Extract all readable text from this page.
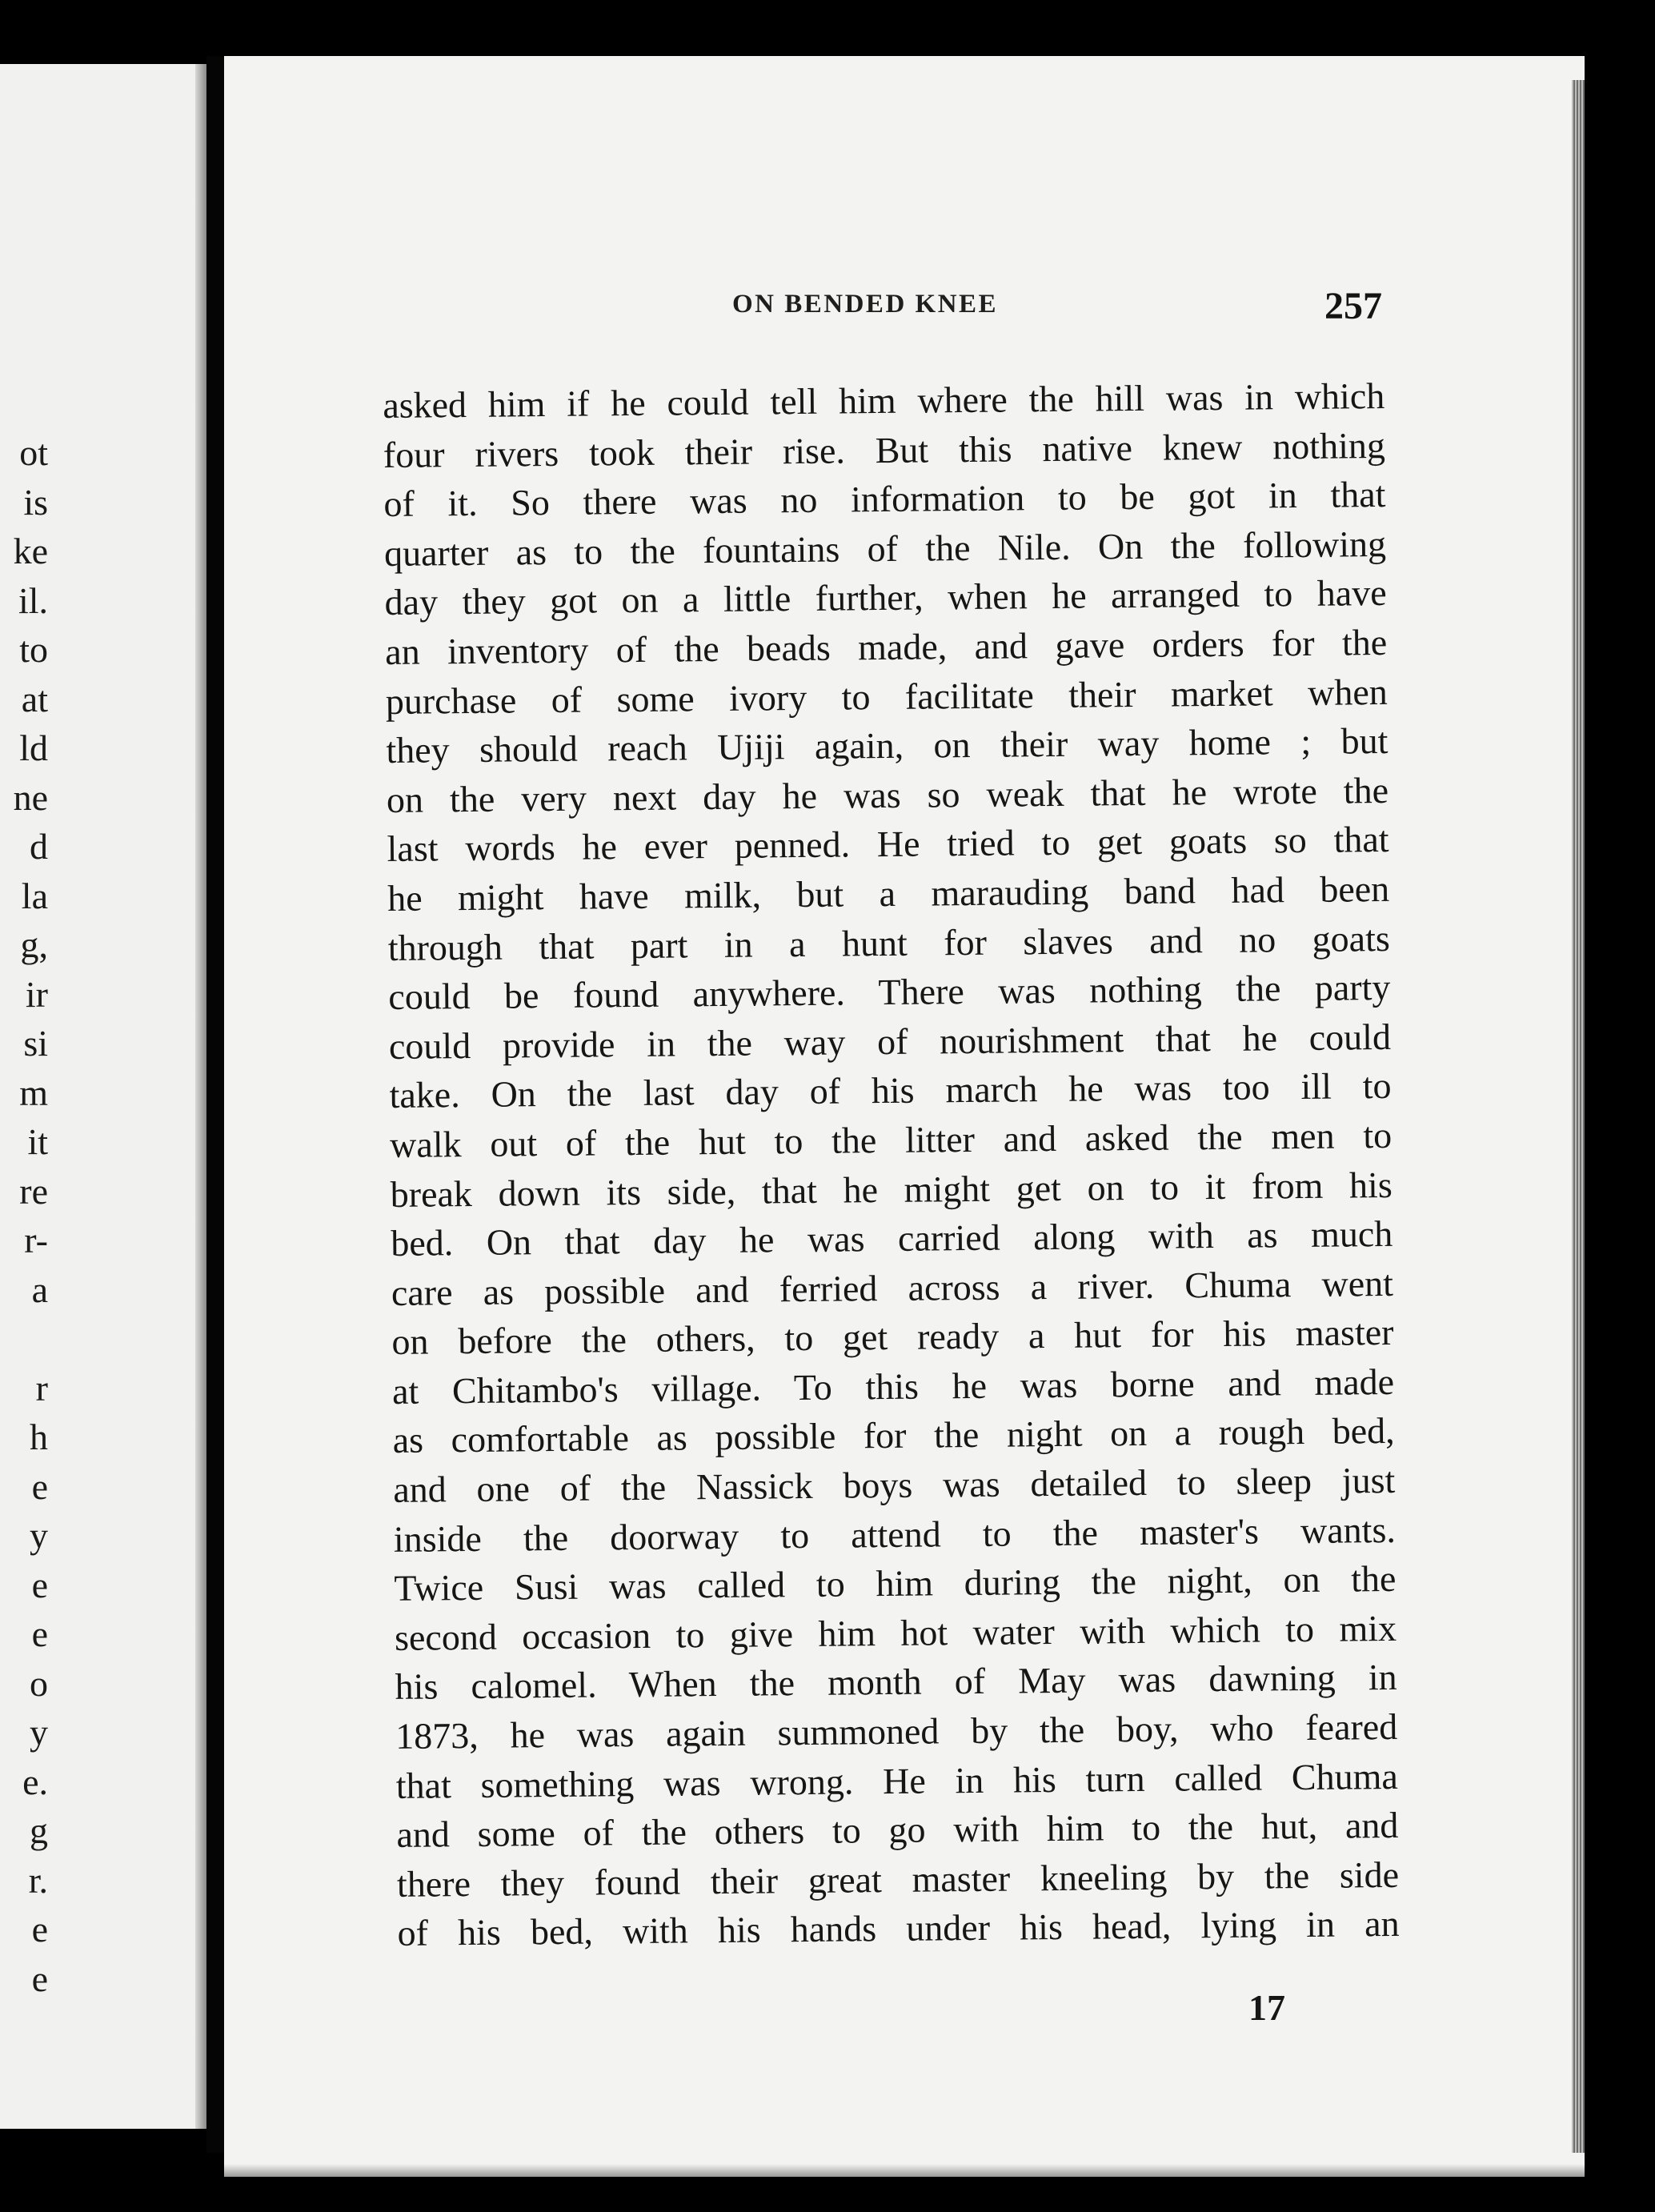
ot
is
ke
il.
to
at
ld
ne
d
la
g,
ir
si
m
it
re
r-
a
r
h
e
y
e
e
o
y
e.
g
r.
e
e
ON BENDED KNEE	257
asked him if he could tell him where the hill was in which
four rivers took their rise. But this native knew nothing
of it. So there was no information to be got in that
quarter as to the fountains of the Nile. On the following
day they got on a little further, when he arranged to have
an inventory of the beads made, and gave orders for the
purchase of some ivory to facilitate their market when
they should reach Ujiji again, on their way home ; but
on the very next day he was so weak that he wrote the
last words he ever penned. He tried to get goats so that
he might have milk, but a marauding band had been
through that part in a hunt for slaves and no goats
could be found anywhere. There was nothing the party
could provide in the way of nourishment that he could
take. On the last day of his march he was too ill to
walk out of the hut to the litter and asked the men to
break down its side, that he might get on to it from his
bed. On that day he was carried along with as much
care as possible and ferried across a river. Chuma went
on before the others, to get ready a hut for his master
at Chitambo's village. To this he was borne and made
as comfortable as possible for the night on a rough bed,
and one of the Nassick boys was detailed to sleep just
inside the doorway to attend to the master's wants.
Twice Susi was called to him during the night, on the
second occasion to give him hot water with which to mix
his calomel. When the month of May was dawning in
1873, he was again summoned by the boy, who feared
that something was wrong. He in his turn called Chuma
and some of the others to go with him to the hut, and
there they found their great master kneeling by the side
of his bed, with his hands under his head, lying in an
17
